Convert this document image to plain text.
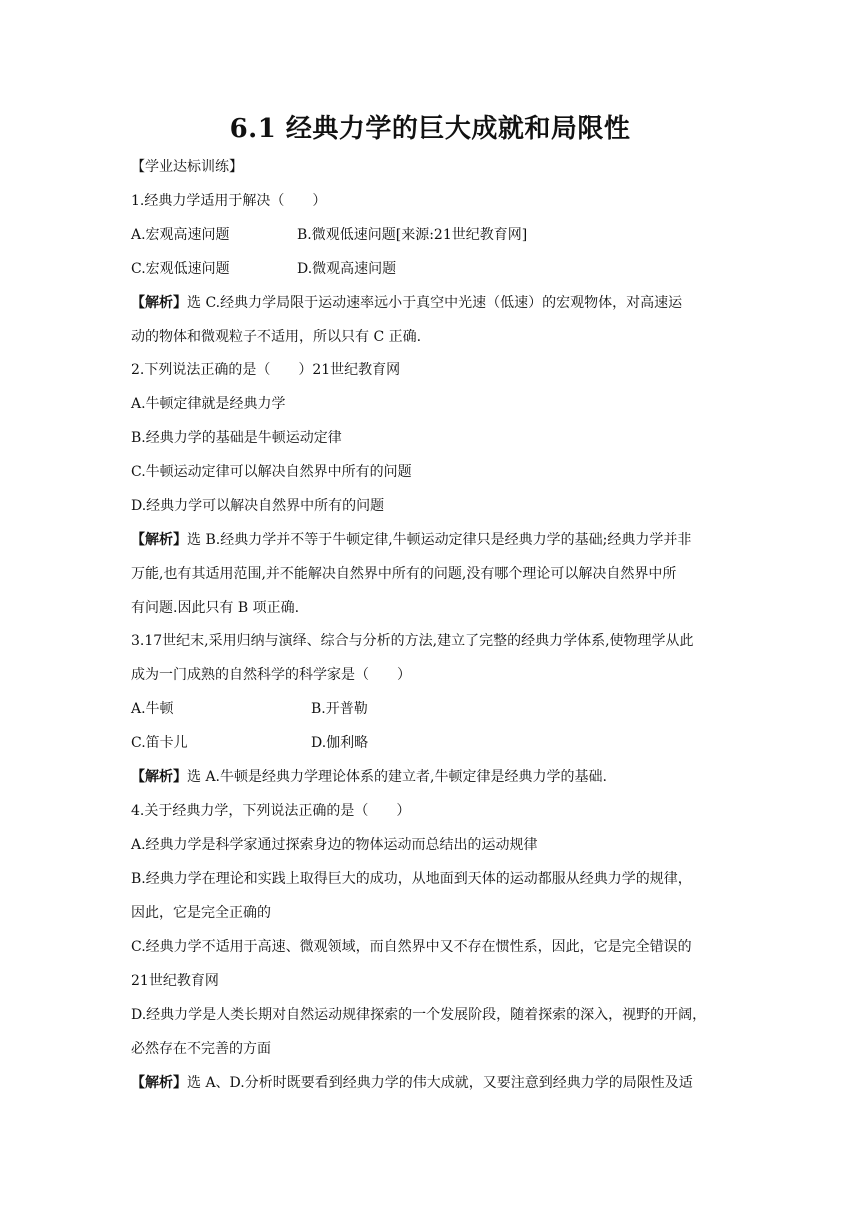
6.1 经典力学的巨大成就和局限性
【学业达标训练】
1.经典力学适用于解决（　　）
A.宏观高速问题	B.微观低速问题[来源:21世纪教育网]
C.宏观低速问题	D.微观高速问题
【解析】选 C.经典力学局限于运动速率远小于真空中光速（低速）的宏观物体，对高速运
动的物体和微观粒子不适用，所以只有 C 正确.
2.下列说法正确的是（　　）21世纪教育网
A.牛顿定律就是经典力学
B.经典力学的基础是牛顿运动定律
C.牛顿运动定律可以解决自然界中所有的问题
D.经典力学可以解决自然界中所有的问题
【解析】选 B.经典力学并不等于牛顿定律,牛顿运动定律只是经典力学的基础;经典力学并非
万能,也有其适用范围,并不能解决自然界中所有的问题,没有哪个理论可以解决自然界中所
有问题.因此只有 B 项正确.
3.17世纪末,采用归纳与演绎、综合与分析的方法,建立了完整的经典力学体系,使物理学从此
成为一门成熟的自然科学的科学家是（　　）
A.牛顿	B.开普勒
C.笛卡儿	D.伽利略
【解析】选 A.牛顿是经典力学理论体系的建立者,牛顿定律是经典力学的基础.
4.关于经典力学，下列说法正确的是（　　）
A.经典力学是科学家通过探索身边的物体运动而总结出的运动规律
B.经典力学在理论和实践上取得巨大的成功，从地面到天体的运动都服从经典力学的规律，
因此，它是完全正确的
C.经典力学不适用于高速、微观领域，而自然界中又不存在惯性系，因此，它是完全错误的
21世纪教育网
D.经典力学是人类长期对自然运动规律探索的一个发展阶段，随着探索的深入，视野的开阔，
必然存在不完善的方面
【解析】选 A、D.分析时既要看到经典力学的伟大成就，又要注意到经典力学的局限性及适
